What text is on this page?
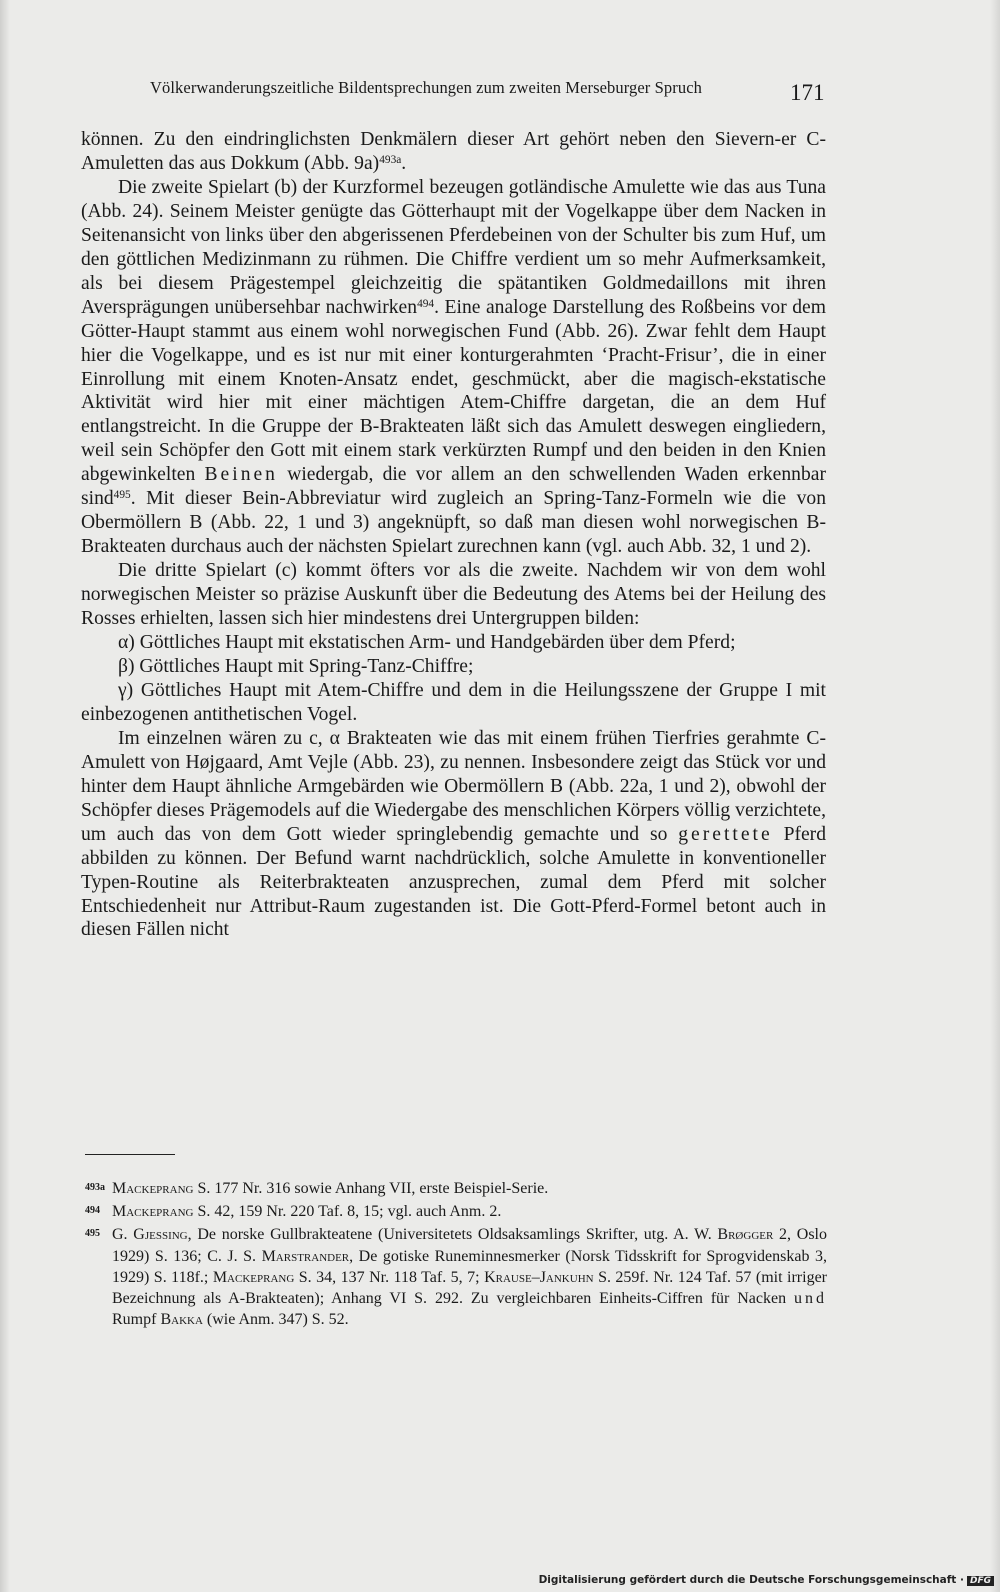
Völkerwanderungszeitliche Bildentsprechungen zum zweiten Merseburger Spruch	171

können. Zu den eindringlichsten Denkmälern dieser Art gehört neben den Sievern-er C-Amuletten das aus Dokkum (Abb. 9a)$^{493a}$.

Die zweite Spielart (b) der Kurzformel bezeugen gotländische Amulette wie das aus Tuna (Abb. 24). Seinem Meister genügte das Götterhaupt mit der Vogelkappe über dem Nacken in Seitenansicht von links über den abgerissenen Pferdebeinen von der Schulter bis zum Huf, um den göttlichen Medizinmann zu rühmen. Die Chiffre verdient um so mehr Aufmerksamkeit, als bei diesem Prägestempel gleichzeitig die spätantiken Goldmedaillons mit ihren Aversprägungen unübersehbar nachwirken$^{494}$. Eine analoge Darstellung des Roßbeins vor dem Götter-Haupt stammt aus einem wohl norwegischen Fund (Abb. 26). Zwar fehlt dem Haupt hier die Vogelkappe, und es ist nur mit einer konturgerahmten ‘Pracht-Frisur’, die in einer Einrollung mit einem Knoten-Ansatz endet, geschmückt, aber die magisch-ekstatische Aktivität wird hier mit einer mächtigen Atem-Chiffre dargetan, die an dem Huf entlangstreicht. In die Gruppe der B-Brakteaten läßt sich das Amulett deswegen eingliedern, weil sein Schöpfer den Gott mit einem stark verkürzten Rumpf und den beiden in den Knien abgewinkelten Beinen wiedergab, die vor allem an den schwellenden Waden erkennbar sind$^{495}$. Mit dieser Bein-Abbreviatur wird zugleich an Spring-Tanz-Formeln wie die von Obermöllern B (Abb. 22, 1 und 3) angeknüpft, so daß man diesen wohl norwegischen B-Brakteaten durchaus auch der nächsten Spielart zurechnen kann (vgl. auch Abb. 32, 1 und 2).

Die dritte Spielart (c) kommt öfters vor als die zweite. Nachdem wir von dem wohl norwegischen Meister so präzise Auskunft über die Bedeutung des Atems bei der Heilung des Rosses erhielten, lassen sich hier mindestens drei Untergruppen bilden:

α) Göttliches Haupt mit ekstatischen Arm- und Handgebärden über dem Pferd;

β) Göttliches Haupt mit Spring-Tanz-Chiffre;

γ) Göttliches Haupt mit Atem-Chiffre und dem in die Heilungsszene der Gruppe I mit einbezogenen antithetischen Vogel.

Im einzelnen wären zu c, α Brakteaten wie das mit einem frühen Tierfries gerahmte C-Amulett von Højgaard, Amt Vejle (Abb. 23), zu nennen. Insbesondere zeigt das Stück vor und hinter dem Haupt ähnliche Armgebärden wie Obermöllern B (Abb. 22a, 1 und 2), obwohl der Schöpfer dieses Prägemodels auf die Wiedergabe des menschlichen Körpers völlig verzichtete, um auch das von dem Gott wieder springlebendig gemachte und so gerettete Pferd abbilden zu können. Der Befund warnt nachdrücklich, solche Amulette in konventioneller Typen-Routine als Reiterbrakteaten anzusprechen, zumal dem Pferd mit solcher Entschiedenheit nur Attribut-Raum zugestanden ist. Die Gott-Pferd-Formel betont auch in diesen Fällen nicht

493a Mackeprang S. 177 Nr. 316 sowie Anhang VII, erste Beispiel-Serie.

494 Mackeprang S. 42, 159 Nr. 220 Taf. 8, 15; vgl. auch Anm. 2.

495 G. Gjessing, De norske Gullbrakteatene (Universitetets Oldsaksamlings Skrifter, utg. A. W. Brøgger 2, Oslo 1929) S. 136; C. J. S. Marstrander, De gotiske Runeminnesmerker (Norsk Tidsskrift for Sprogvidenskab 3, 1929) S. 118f.; Mackeprang S. 34, 137 Nr. 118 Taf. 5, 7; Krause–Jankuhn S. 259f. Nr. 124 Taf. 57 (mit irriger Bezeichnung als A-Brakteaten); Anhang VI S. 292. Zu vergleichbaren Einheits-Ciffren für Nacken und Rumpf Bakka (wie Anm. 347) S. 52.

Digitalisierung gefördert durch die Deutsche Forschungsgemeinschaft · DFG
